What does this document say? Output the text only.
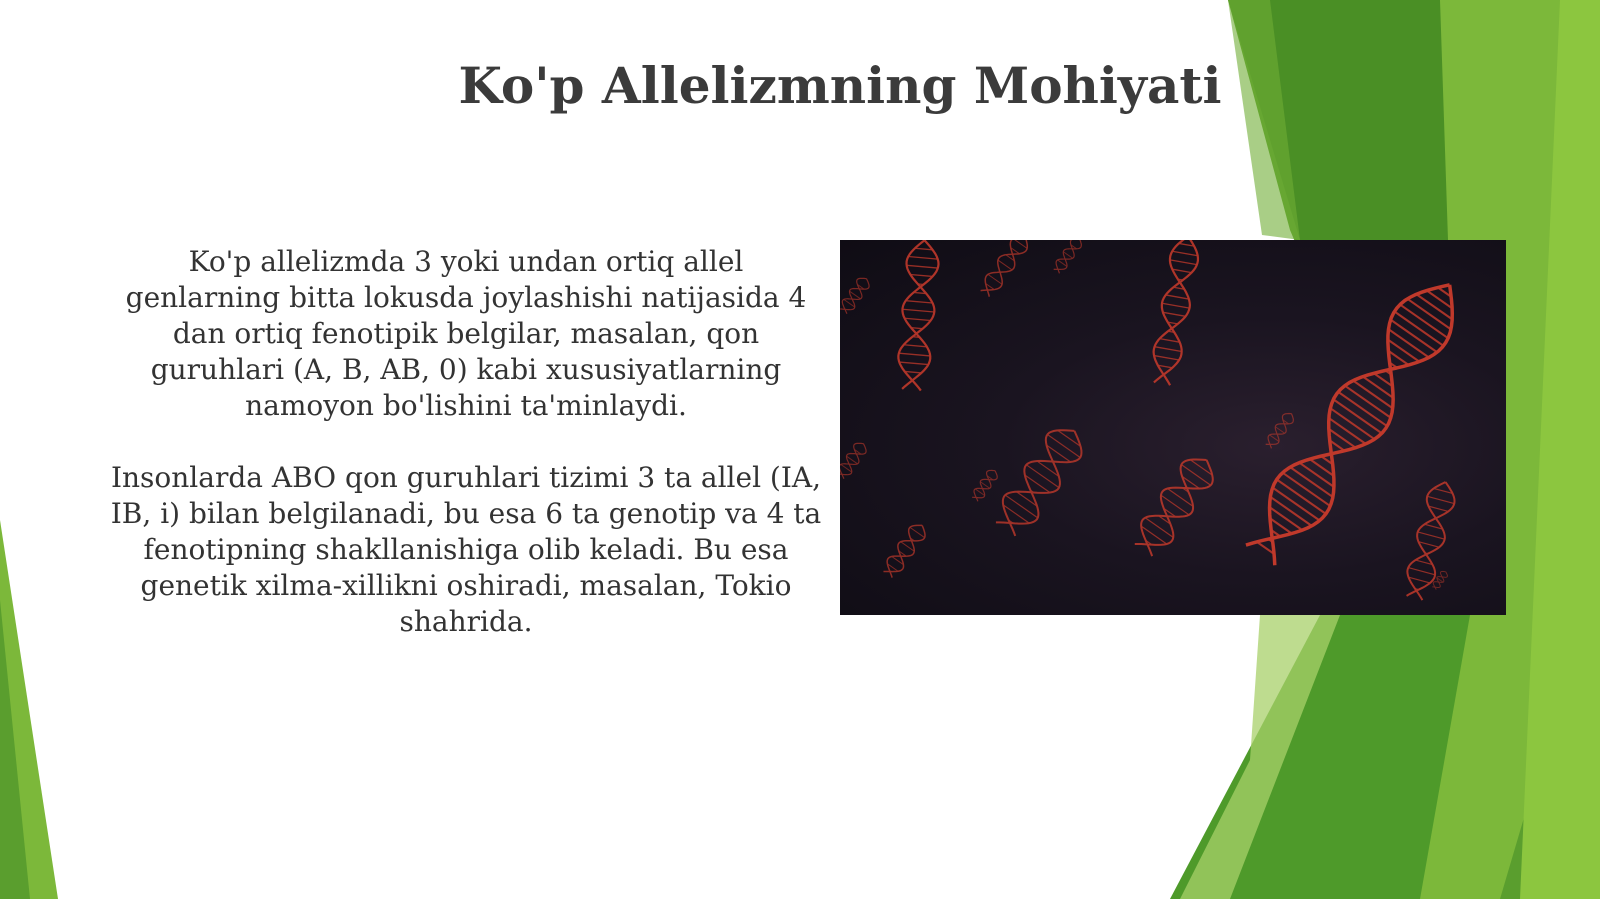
Ko'p Allelizmning Mohiyati

Ko'p allelizmda 3 yoki undan ortiq allel genlarning bitta lokusda joylashishi natijasida 4 dan ortiq fenotipik belgilar, masalan, qon guruhlari (A, B, AB, 0) kabi xususiyatlarning namoyon bo'lishini ta'minlaydi.

Insonlarda ABO qon guruhlari tizimi 3 ta allel (IA, IB, i) bilan belgilanadi, bu esa 6 ta genotip va 4 ta fenotipning shakllanishiga olib keladi. Bu esa genetik xilma-xillikni oshiradi, masalan, Tokio shahrida.
